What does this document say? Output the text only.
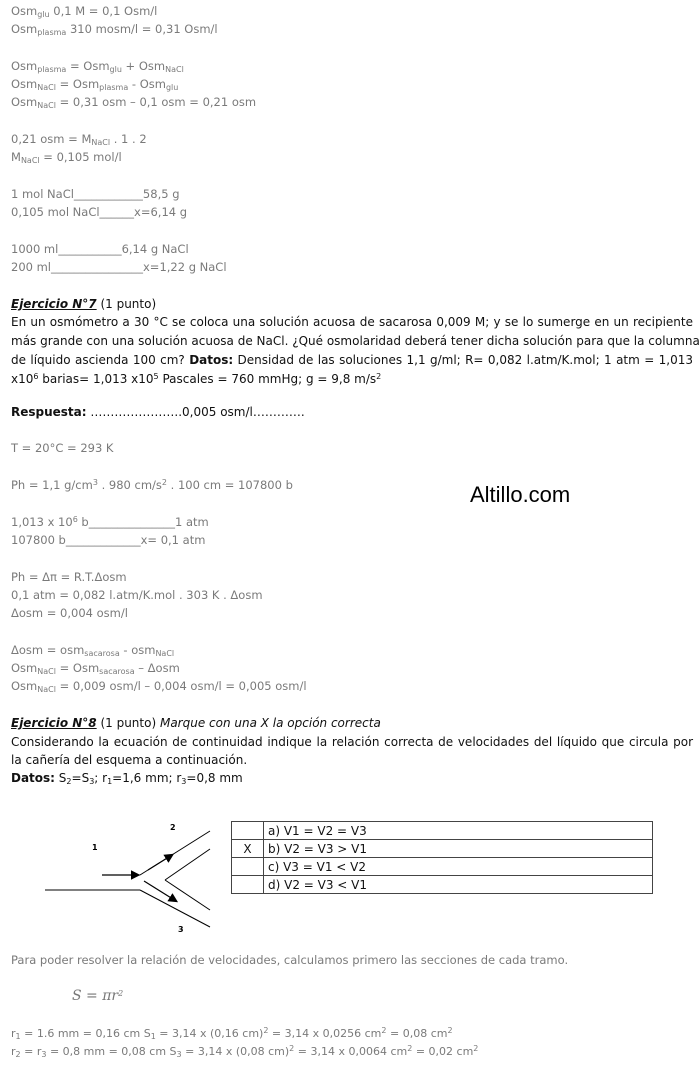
Osmglu 0,1 M = 0,1 Osm/l
Osmplasma 310 mosm/l = 0,31 Osm/l
Osmplasma = Osmglu + OsmNaCl
OsmNaCl = Osmplasma - Osmglu
OsmNaCl = 0,31 osm – 0,1 osm = 0,21 osm
0,21 osm = MNaCl . 1 . 2
MNaCl = 0,105 mol/l
1 mol NaCl____________58,5 g
0,105 mol NaCl______x=6,14 g
1000 ml___________6,14 g NaCl
200 ml________________x=1,22 g NaCl
Ejercicio N°7 (1 punto)
En un osmómetro a 30 °C se coloca una solución acuosa de sacarosa 0,009 M; y se lo sumerge en un recipiente
más grande con una solución acuosa de NaCl. ¿Qué osmolaridad deberá tener dicha solución para que la columna
de líquido ascienda 100 cm? Datos: Densidad de las soluciones 1,1 g/ml; R= 0,082 l.atm/K.mol; 1 atm = 1,013
$x10^6$ barias= 1,013 $x10^5$ Pascales = 760 mmHg; g = 9,8 $m/s^2$
Respuesta: …………………..0,005 osm/l………….
T = 20°C = 293 K
Ph = 1,1 $g/cm^3$ . 980 $cm/s^2$ . 100 cm = 107800 b	Altillo.com
1,013 x $10^6$ b_______________1 atm
107800 b_____________x= 0,1 atm
Ph = Δπ = R.T.Δosm
0,1 atm = 0,082 l.atm/K.mol . 303 K . Δosm
Δosm = 0,004 osm/l
Δosm = osmsacarosa - osmNaCl
OsmNaCl = Osmsacarosa – Δosm
OsmNaCl = 0,009 osm/l – 0,004 osm/l = 0,005 osm/l
Ejercicio N°8 (1 punto) Marque con una X la opción correcta
Considerando la ecuación de continuidad indique la relación correcta de velocidades del líquido que circula por
la cañería del esquema a continuación.
Datos: S2=S3; r1=1,6 mm; r3=0,8 mm
1
2
3
	a) V1 = V2 = V3
X	b) V2 = V3 > V1
	c) V3 = V1 < V2
	d) V2 = V3 < V1
Para poder resolver la relación de velocidades, calculamos primero las secciones de cada tramo.
$S = \pi r^2$
r1 = 1.6 mm = 0,16 cm S1 = 3,14 x (0,16 cm)$^2$ = 3,14 x 0,0256 $cm^2 = 0,08$ $cm^2$
r2 = r3 = 0,8 mm = 0,08 cm S3 = 3,14 x (0,08 cm)$^2$ = 3,14 x 0,0064 $cm^2 = 0,02$ $cm^2$
